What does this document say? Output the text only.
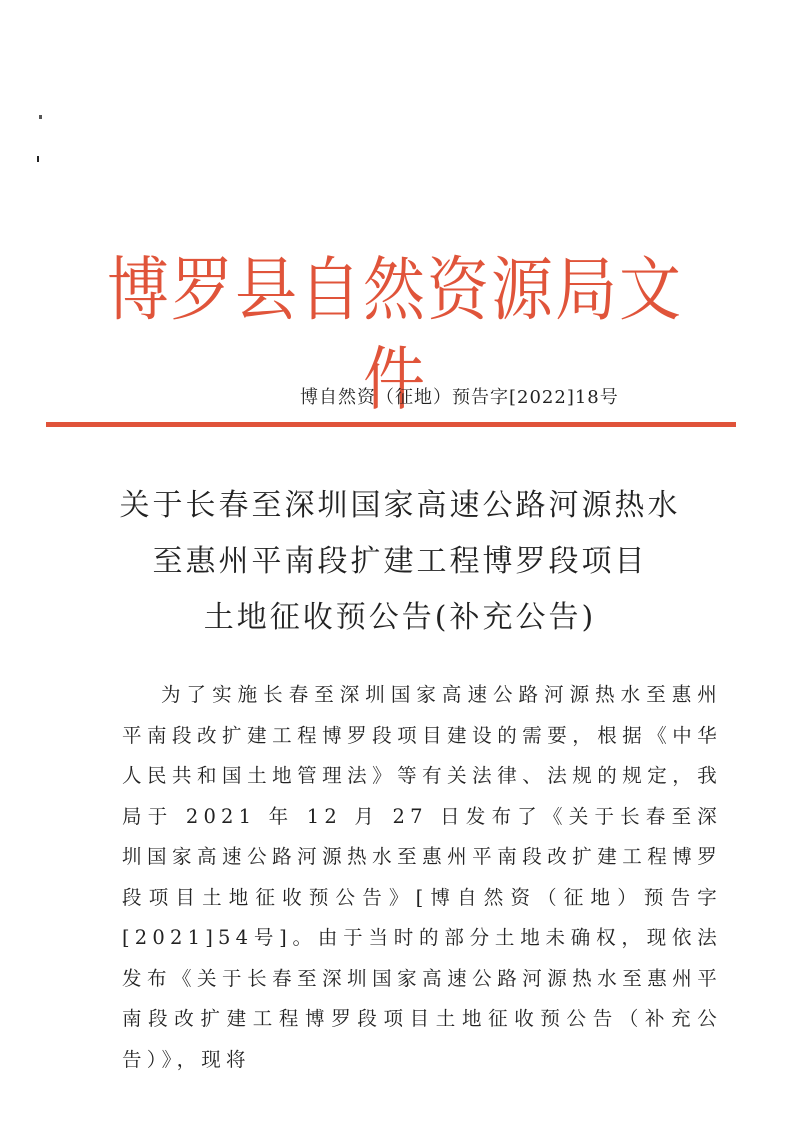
博罗县自然资源局文件
博自然资（征地）预告字[2022]18号
关于长春至深圳国家高速公路河源热水
至惠州平南段扩建工程博罗段项目
土地征收预公告(补充公告)

为了实施长春至深圳国家高速公路河源热水至惠州平南段改扩建工程博罗段项目建设的需要，根据《中华人民共和国土地管理法》等有关法律、法规的规定，我局于 2021 年 12 月 27 日发布了《关于长春至深圳国家高速公路河源热水至惠州平南段改扩建工程博罗段项目土地征收预公告》[博自然资（征地）预告字[2021]54号]。由于当时的部分土地未确权，现依法发布《关于长春至深圳国家高速公路河源热水至惠州平南段改扩建工程博罗段项目土地征收预公告（补充公告）》，现将
